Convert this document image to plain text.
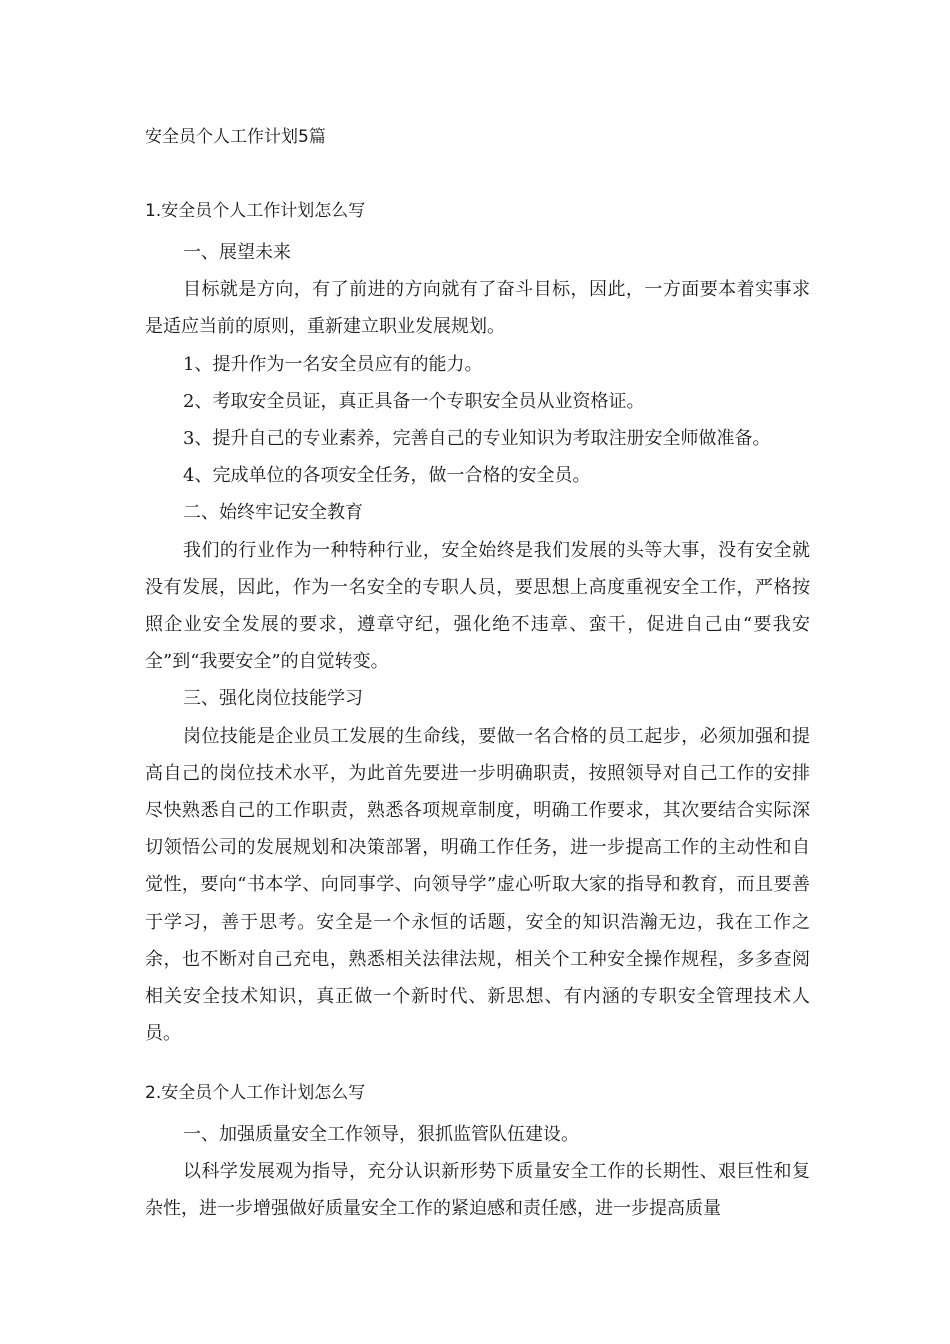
安全员个人工作计划5篇
1.安全员个人工作计划怎么写

一、展望未来

目标就是方向，有了前进的方向就有了奋斗目标，因此，一方面要本着实事求是适应当前的原则，重新建立职业发展规划。

1、提升作为一名安全员应有的能力。

2、考取安全员证，真正具备一个专职安全员从业资格证。

3、提升自己的专业素养，完善自己的专业知识为考取注册安全师做准备。

4、完成单位的各项安全任务，做一合格的安全员。

二、始终牢记安全教育

我们的行业作为一种特种行业，安全始终是我们发展的头等大事，没有安全就没有发展，因此，作为一名安全的专职人员，要思想上高度重视安全工作，严格按照企业安全发展的要求，遵章守纪，强化绝不违章、蛮干，促进自己由“要我安全”到“我要安全”的自觉转变。

三、强化岗位技能学习

岗位技能是企业员工发展的生命线，要做一名合格的员工起步，必须加强和提高自己的岗位技术水平，为此首先要进一步明确职责，按照领导对自己工作的安排尽快熟悉自己的工作职责，熟悉各项规章制度，明确工作要求，其次要结合实际深切领悟公司的发展规划和决策部署，明确工作任务，进一步提高工作的主动性和自觉性，要向“书本学、向同事学、向领导学”虚心听取大家的指导和教育，而且要善于学习，善于思考。安全是一个永恒的话题，安全的知识浩瀚无边，我在工作之余，也不断对自己充电，熟悉相关法律法规，相关个工种安全操作规程，多多查阅相关安全技术知识，真正做一个新时代、新思想、有内涵的专职安全管理技术人员。

2.安全员个人工作计划怎么写

一、加强质量安全工作领导，狠抓监管队伍建设。

以科学发展观为指导，充分认识新形势下质量安全工作的长期性、艰巨性和复杂性，进一步增强做好质量安全工作的紧迫感和责任感，进一步提高质量
